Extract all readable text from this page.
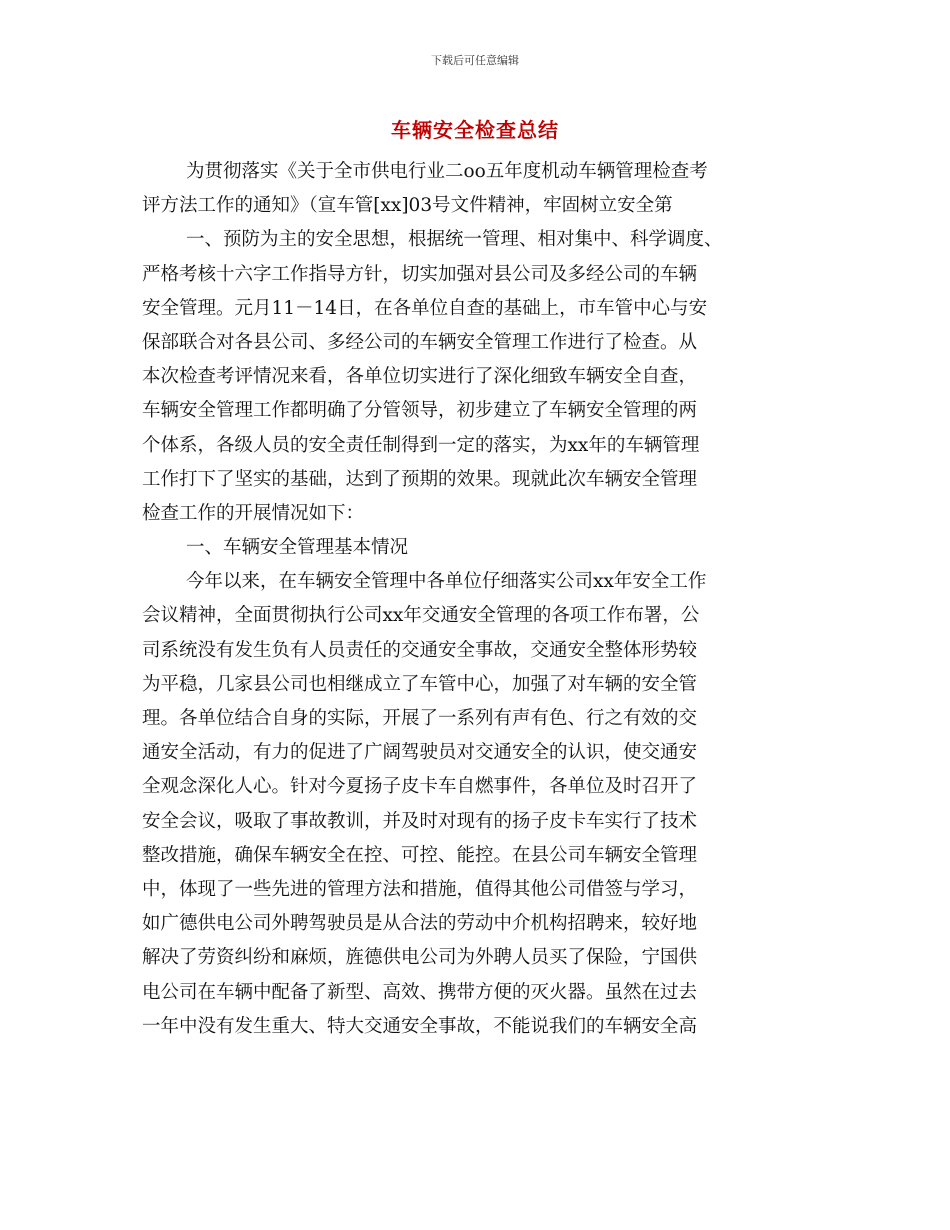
下载后可任意编辑
车辆安全检查总结
为贯彻落实《关于全市供电行业二oo五年度机动车辆管理检查考
评方法工作的通知》（宣车管[xx]03号文件精神，牢固树立安全第
一、预防为主的安全思想，根据统一管理、相对集中、科学调度、
严格考核十六字工作指导方针，切实加强对县公司及多经公司的车辆
安全管理。元月11－14日，在各单位自查的基础上，市车管中心与安
保部联合对各县公司、多经公司的车辆安全管理工作进行了检查。从
本次检查考评情况来看，各单位切实进行了深化细致车辆安全自查，
车辆安全管理工作都明确了分管领导，初步建立了车辆安全管理的两
个体系，各级人员的安全责任制得到一定的落实，为xx年的车辆管理
工作打下了坚实的基础，达到了预期的效果。现就此次车辆安全管理
检查工作的开展情况如下：
一、车辆安全管理基本情况
今年以来，在车辆安全管理中各单位仔细落实公司xx年安全工作
会议精神，全面贯彻执行公司xx年交通安全管理的各项工作布署，公
司系统没有发生负有人员责任的交通安全事故，交通安全整体形势较
为平稳，几家县公司也相继成立了车管中心，加强了对车辆的安全管
理。各单位结合自身的实际，开展了一系列有声有色、行之有效的交
通安全活动，有力的促进了广阔驾驶员对交通安全的认识，使交通安
全观念深化人心。针对今夏扬子皮卡车自燃事件，各单位及时召开了
安全会议，吸取了事故教训，并及时对现有的扬子皮卡车实行了技术
整改措施，确保车辆安全在控、可控、能控。在县公司车辆安全管理
中，体现了一些先进的管理方法和措施，值得其他公司借签与学习，
如广德供电公司外聘驾驶员是从合法的劳动中介机构招聘来，较好地
解决了劳资纠纷和麻烦，旌德供电公司为外聘人员买了保险，宁国供
电公司在车辆中配备了新型、高效、携带方便的灭火器。虽然在过去
一年中没有发生重大、特大交通安全事故，不能说我们的车辆安全高
